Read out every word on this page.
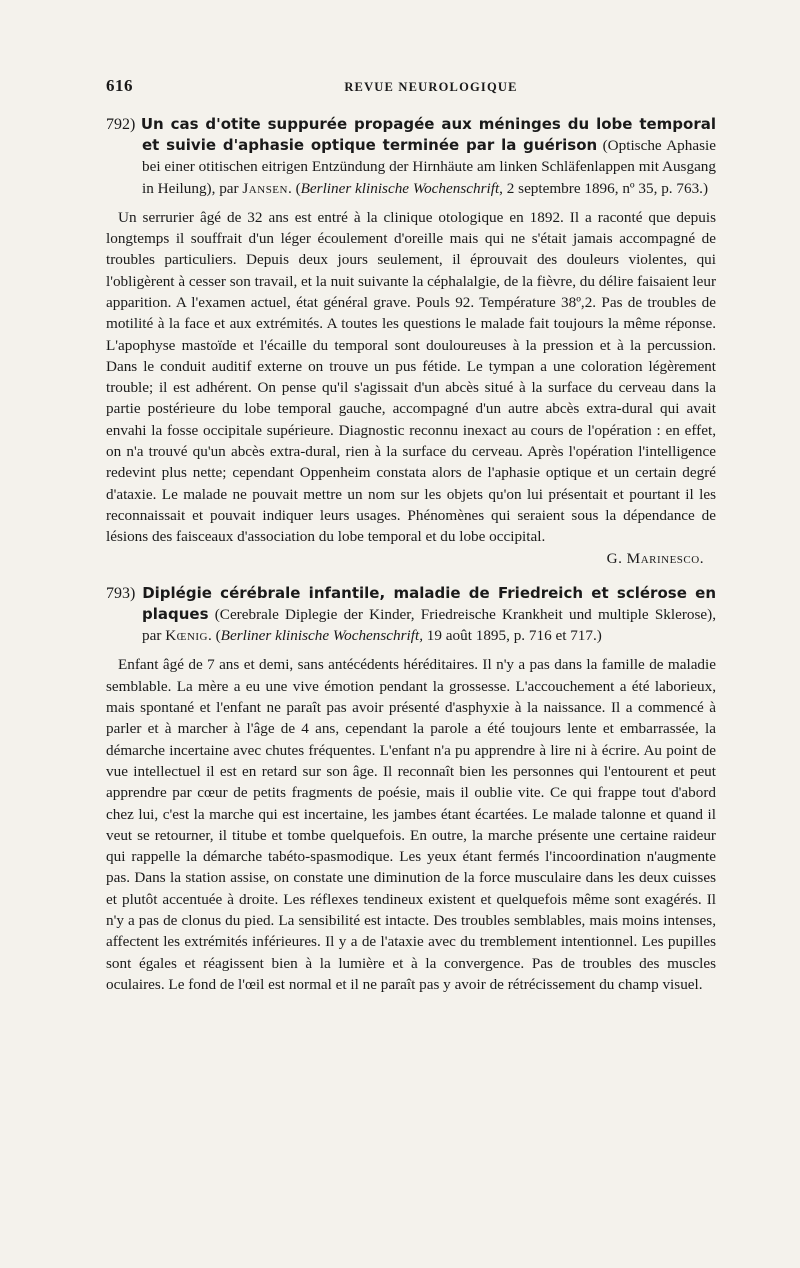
616	REVUE NEUROLOGIQUE

792) Un cas d'otite suppurée propagée aux méninges du lobe temporal et suivie d'aphasie optique terminée par la guérison (Optische Aphasie bei einer otitischen eitrigen Entzündung der Hirnhäute am linken Schläfenlappen mit Ausgang in Heilung), par Jansen. (Berliner klinische Wochenschrift, 2 septembre 1896, nº 35, p. 763.)

Un serrurier âgé de 32 ans est entré à la clinique otologique en 1892. Il a raconté que depuis longtemps il souffrait d'un léger écoulement d'oreille mais qui ne s'était jamais accompagné de troubles particuliers. Depuis deux jours seulement, il éprouvait des douleurs violentes, qui l'obligèrent à cesser son travail, et la nuit suivante la céphalalgie, de la fièvre, du délire faisaient leur apparition. A l'examen actuel, état général grave. Pouls 92. Température 38º,2. Pas de troubles de motilité à la face et aux extrémités. A toutes les questions le malade fait toujours la même réponse. L'apophyse mastoïde et l'écaille du temporal sont douloureuses à la pression et à la percussion. Dans le conduit auditif externe on trouve un pus fétide. Le tympan a une coloration légèrement trouble; il est adhérent. On pense qu'il s'agissait d'un abcès situé à la surface du cerveau dans la partie postérieure du lobe temporal gauche, accompagné d'un autre abcès extra-dural qui avait envahi la fosse occipitale supérieure. Diagnostic reconnu inexact au cours de l'opération : en effet, on n'a trouvé qu'un abcès extra-dural, rien à la surface du cerveau. Après l'opération l'intelligence redevint plus nette; cependant Oppenheim constata alors de l'aphasie optique et un certain degré d'ataxie. Le malade ne pouvait mettre un nom sur les objets qu'on lui présentait et pourtant il les reconnaissait et pouvait indiquer leurs usages. Phénomènes qui seraient sous la dépendance de lésions des faisceaux d'association du lobe temporal et du lobe occipital.
G. Marinesco.

793) Diplégie cérébrale infantile, maladie de Friedreich et sclérose en plaques (Cerebrale Diplegie der Kinder, Friedreische Krankheit und multiple Sklerose), par Kœnig. (Berliner klinische Wochenschrift, 19 août 1895, p. 716 et 717.)

Enfant âgé de 7 ans et demi, sans antécédents héréditaires. Il n'y a pas dans la famille de maladie semblable. La mère a eu une vive émotion pendant la grossesse. L'accouchement a été laborieux, mais spontané et l'enfant ne paraît pas avoir présenté d'asphyxie à la naissance. Il a commencé à parler et à marcher à l'âge de 4 ans, cependant la parole a été toujours lente et embarrassée, la démarche incertaine avec chutes fréquentes. L'enfant n'a pu apprendre à lire ni à écrire. Au point de vue intellectuel il est en retard sur son âge. Il reconnaît bien les personnes qui l'entourent et peut apprendre par cœur de petits fragments de poésie, mais il oublie vite. Ce qui frappe tout d'abord chez lui, c'est la marche qui est incertaine, les jambes étant écartées. Le malade talonne et quand il veut se retourner, il titube et tombe quelquefois. En outre, la marche présente une certaine raideur qui rappelle la démarche tabéto-spasmodique. Les yeux étant fermés l'incoordination n'augmente pas. Dans la station assise, on constate une diminution de la force musculaire dans les deux cuisses et plutôt accentuée à droite. Les réflexes tendineux existent et quelquefois même sont exagérés. Il n'y a pas de clonus du pied. La sensibilité est intacte. Des troubles semblables, mais moins intenses, affectent les extrémités inférieures. Il y a de l'ataxie avec du tremblement intentionnel. Les pupilles sont égales et réagissent bien à la lumière et à la convergence. Pas de troubles des muscles oculaires. Le fond de l'œil est normal et il ne paraît pas y avoir de rétrécissement du champ visuel.
